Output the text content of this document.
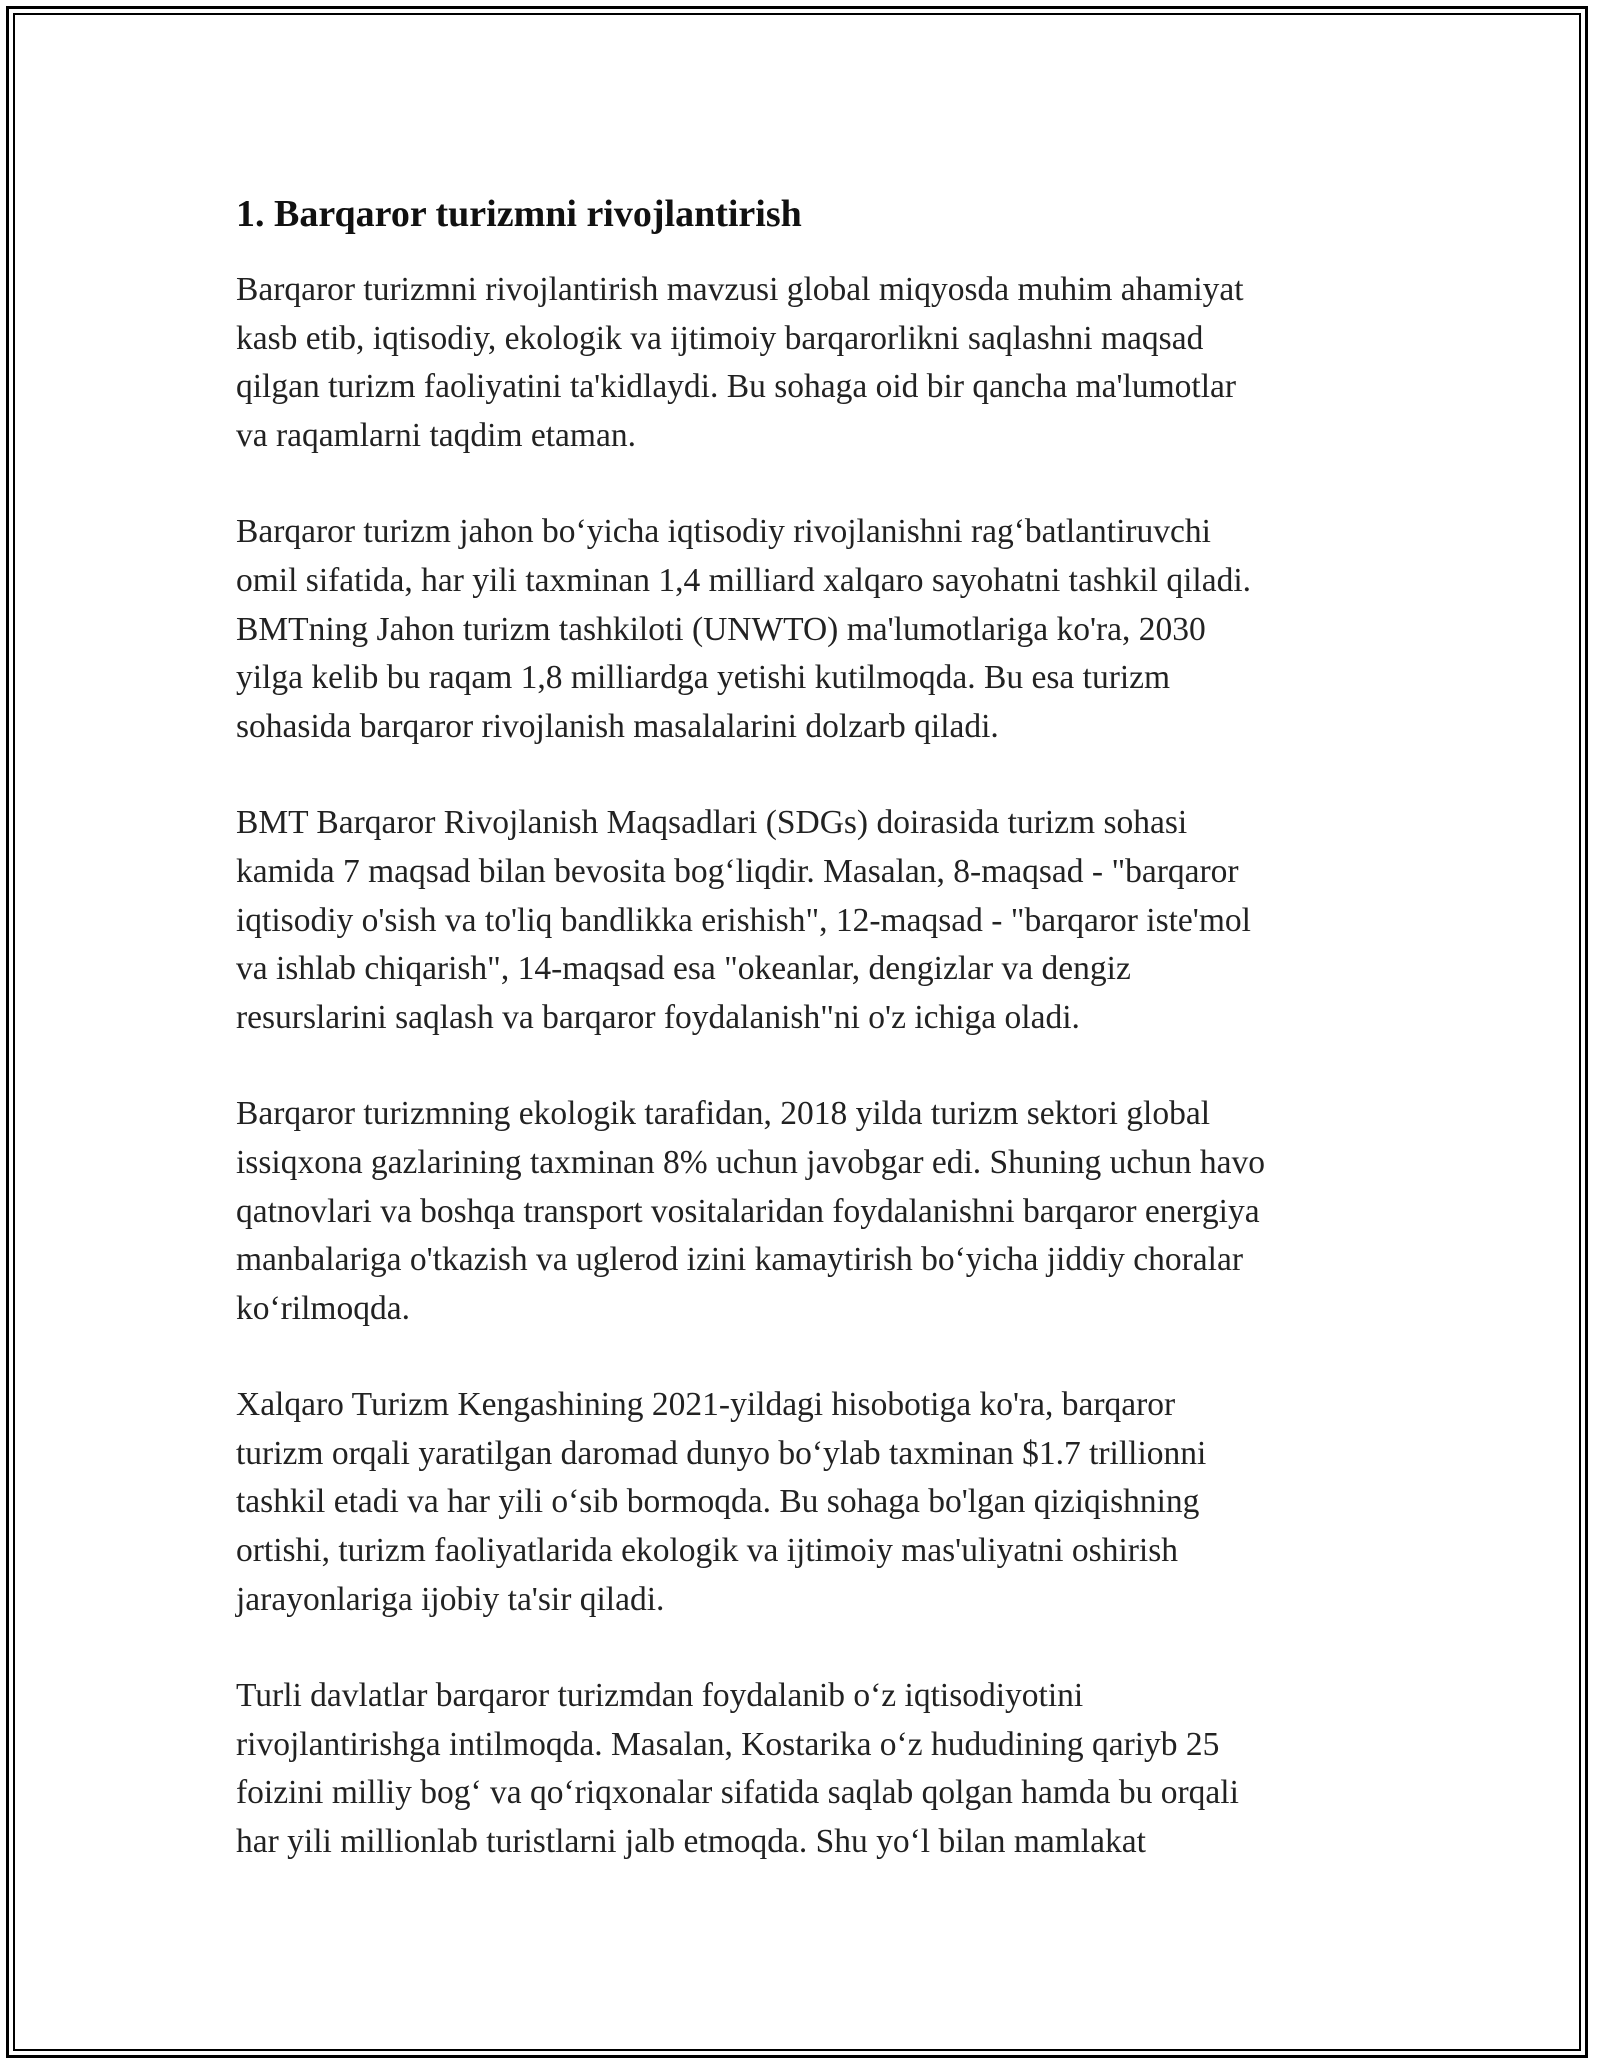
1. Barqaror turizmni rivojlantirish

Barqaror turizmni rivojlantirish mavzusi global miqyosda muhim ahamiyat
kasb etib, iqtisodiy, ekologik va ijtimoiy barqarorlikni saqlashni maqsad
qilgan turizm faoliyatini ta'kidlaydi. Bu sohaga oid bir qancha ma'lumotlar
va raqamlarni taqdim etaman.

Barqaror turizm jahon bo‘yicha iqtisodiy rivojlanishni rag‘batlantiruvchi
omil sifatida, har yili taxminan 1,4 milliard xalqaro sayohatni tashkil qiladi.
BMTning Jahon turizm tashkiloti (UNWTO) ma'lumotlariga ko'ra, 2030
yilga kelib bu raqam 1,8 milliardga yetishi kutilmoqda. Bu esa turizm
sohasida barqaror rivojlanish masalalarini dolzarb qiladi.

BMT Barqaror Rivojlanish Maqsadlari (SDGs) doirasida turizm sohasi
kamida 7 maqsad bilan bevosita bog‘liqdir. Masalan, 8-maqsad - "barqaror
iqtisodiy o'sish va to'liq bandlikka erishish", 12-maqsad - "barqaror iste'mol
va ishlab chiqarish", 14-maqsad esa "okeanlar, dengizlar va dengiz
resurslarini saqlash va barqaror foydalanish"ni o'z ichiga oladi.

Barqaror turizmning ekologik tarafidan, 2018 yilda turizm sektori global
issiqxona gazlarining taxminan 8% uchun javobgar edi. Shuning uchun havo
qatnovlari va boshqa transport vositalaridan foydalanishni barqaror energiya
manbalariga o'tkazish va uglerod izini kamaytirish bo‘yicha jiddiy choralar
ko‘rilmoqda.

Xalqaro Turizm Kengashining 2021-yildagi hisobotiga ko'ra, barqaror
turizm orqali yaratilgan daromad dunyo bo‘ylab taxminan $1.7 trillionni
tashkil etadi va har yili o‘sib bormoqda. Bu sohaga bo'lgan qiziqishning
ortishi, turizm faoliyatlarida ekologik va ijtimoiy mas'uliyatni oshirish
jarayonlariga ijobiy ta'sir qiladi.

Turli davlatlar barqaror turizmdan foydalanib o‘z iqtisodiyotini
rivojlantirishga intilmoqda. Masalan, Kostarika o‘z hududining qariyb 25
foizini milliy bog‘ va qo‘riqxonalar sifatida saqlab qolgan hamda bu orqali
har yili millionlab turistlarni jalb etmoqda. Shu yo‘l bilan mamlakat
